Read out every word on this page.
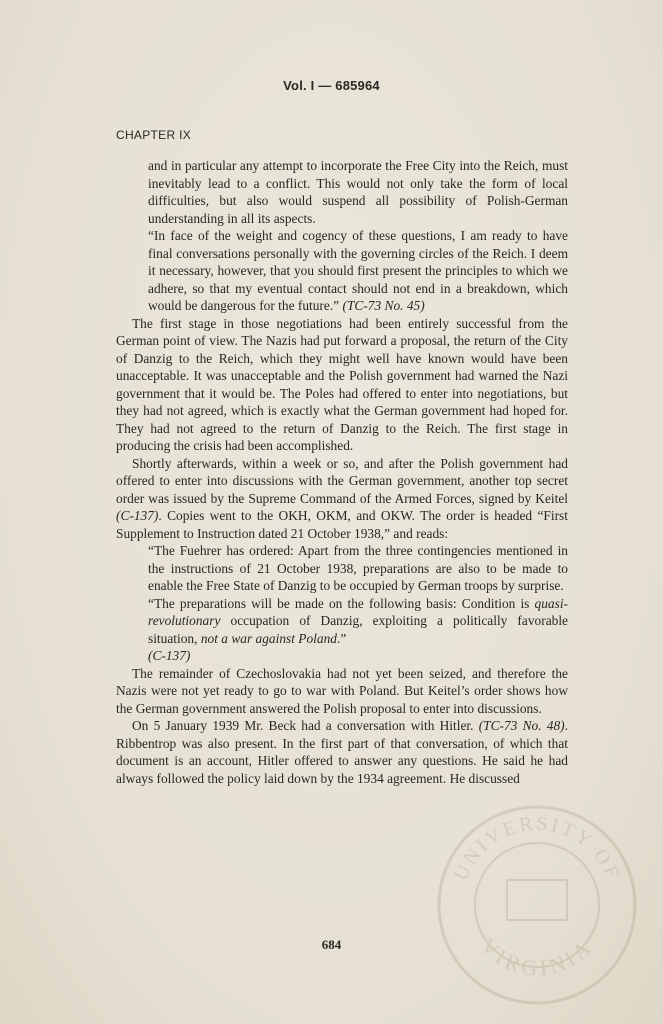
Vol. I — 685964
CHAPTER IX

and in particular any attempt to incorporate the Free City into the Reich, must inevitably lead to a conflict. This would not only take the form of local difficulties, but also would suspend all possibility of Polish-German understanding in all its aspects.

“In face of the weight and cogency of these questions, I am ready to have final conversations personally with the governing circles of the Reich. I deem it necessary, however, that you should first present the principles to which we adhere, so that my eventual contact should not end in a breakdown, which would be dangerous for the future.” (TC-73 No. 45)

The first stage in those negotiations had been entirely successful from the German point of view. The Nazis had put forward a proposal, the return of the City of Danzig to the Reich, which they might well have known would have been unacceptable. It was unacceptable and the Polish government had warned the Nazi government that it would be. The Poles had offered to enter into negotiations, but they had not agreed, which is exactly what the German government had hoped for. They had not agreed to the return of Danzig to the Reich. The first stage in producing the crisis had been accomplished.

Shortly afterwards, within a week or so, and after the Polish government had offered to enter into discussions with the German government, another top secret order was issued by the Supreme Command of the Armed Forces, signed by Keitel (C-137). Copies went to the OKH, OKM, and OKW. The order is headed “First Supplement to Instruction dated 21 October 1938,” and reads:

“The Fuehrer has ordered: Apart from the three contingencies mentioned in the instructions of 21 October 1938, preparations are also to be made to enable the Free State of Danzig to be occupied by German troops by surprise.

“The preparations will be made on the following basis: Condition is quasi-revolutionary occupation of Danzig, exploiting a politically favorable situation, not a war against Poland.”
(C-137)

The remainder of Czechoslovakia had not yet been seized, and therefore the Nazis were not yet ready to go to war with Poland. But Keitel’s order shows how the German government answered the Polish proposal to enter into discussions.

On 5 January 1939 Mr. Beck had a conversation with Hitler. (TC-73 No. 48). Ribbentrop was also present. In the first part of that conversation, of which that document is an account, Hitler offered to answer any questions. He said he had always followed the policy laid down by the 1934 agreement. He discussed

684
UNIVERSITY OF
VIRGINIA
